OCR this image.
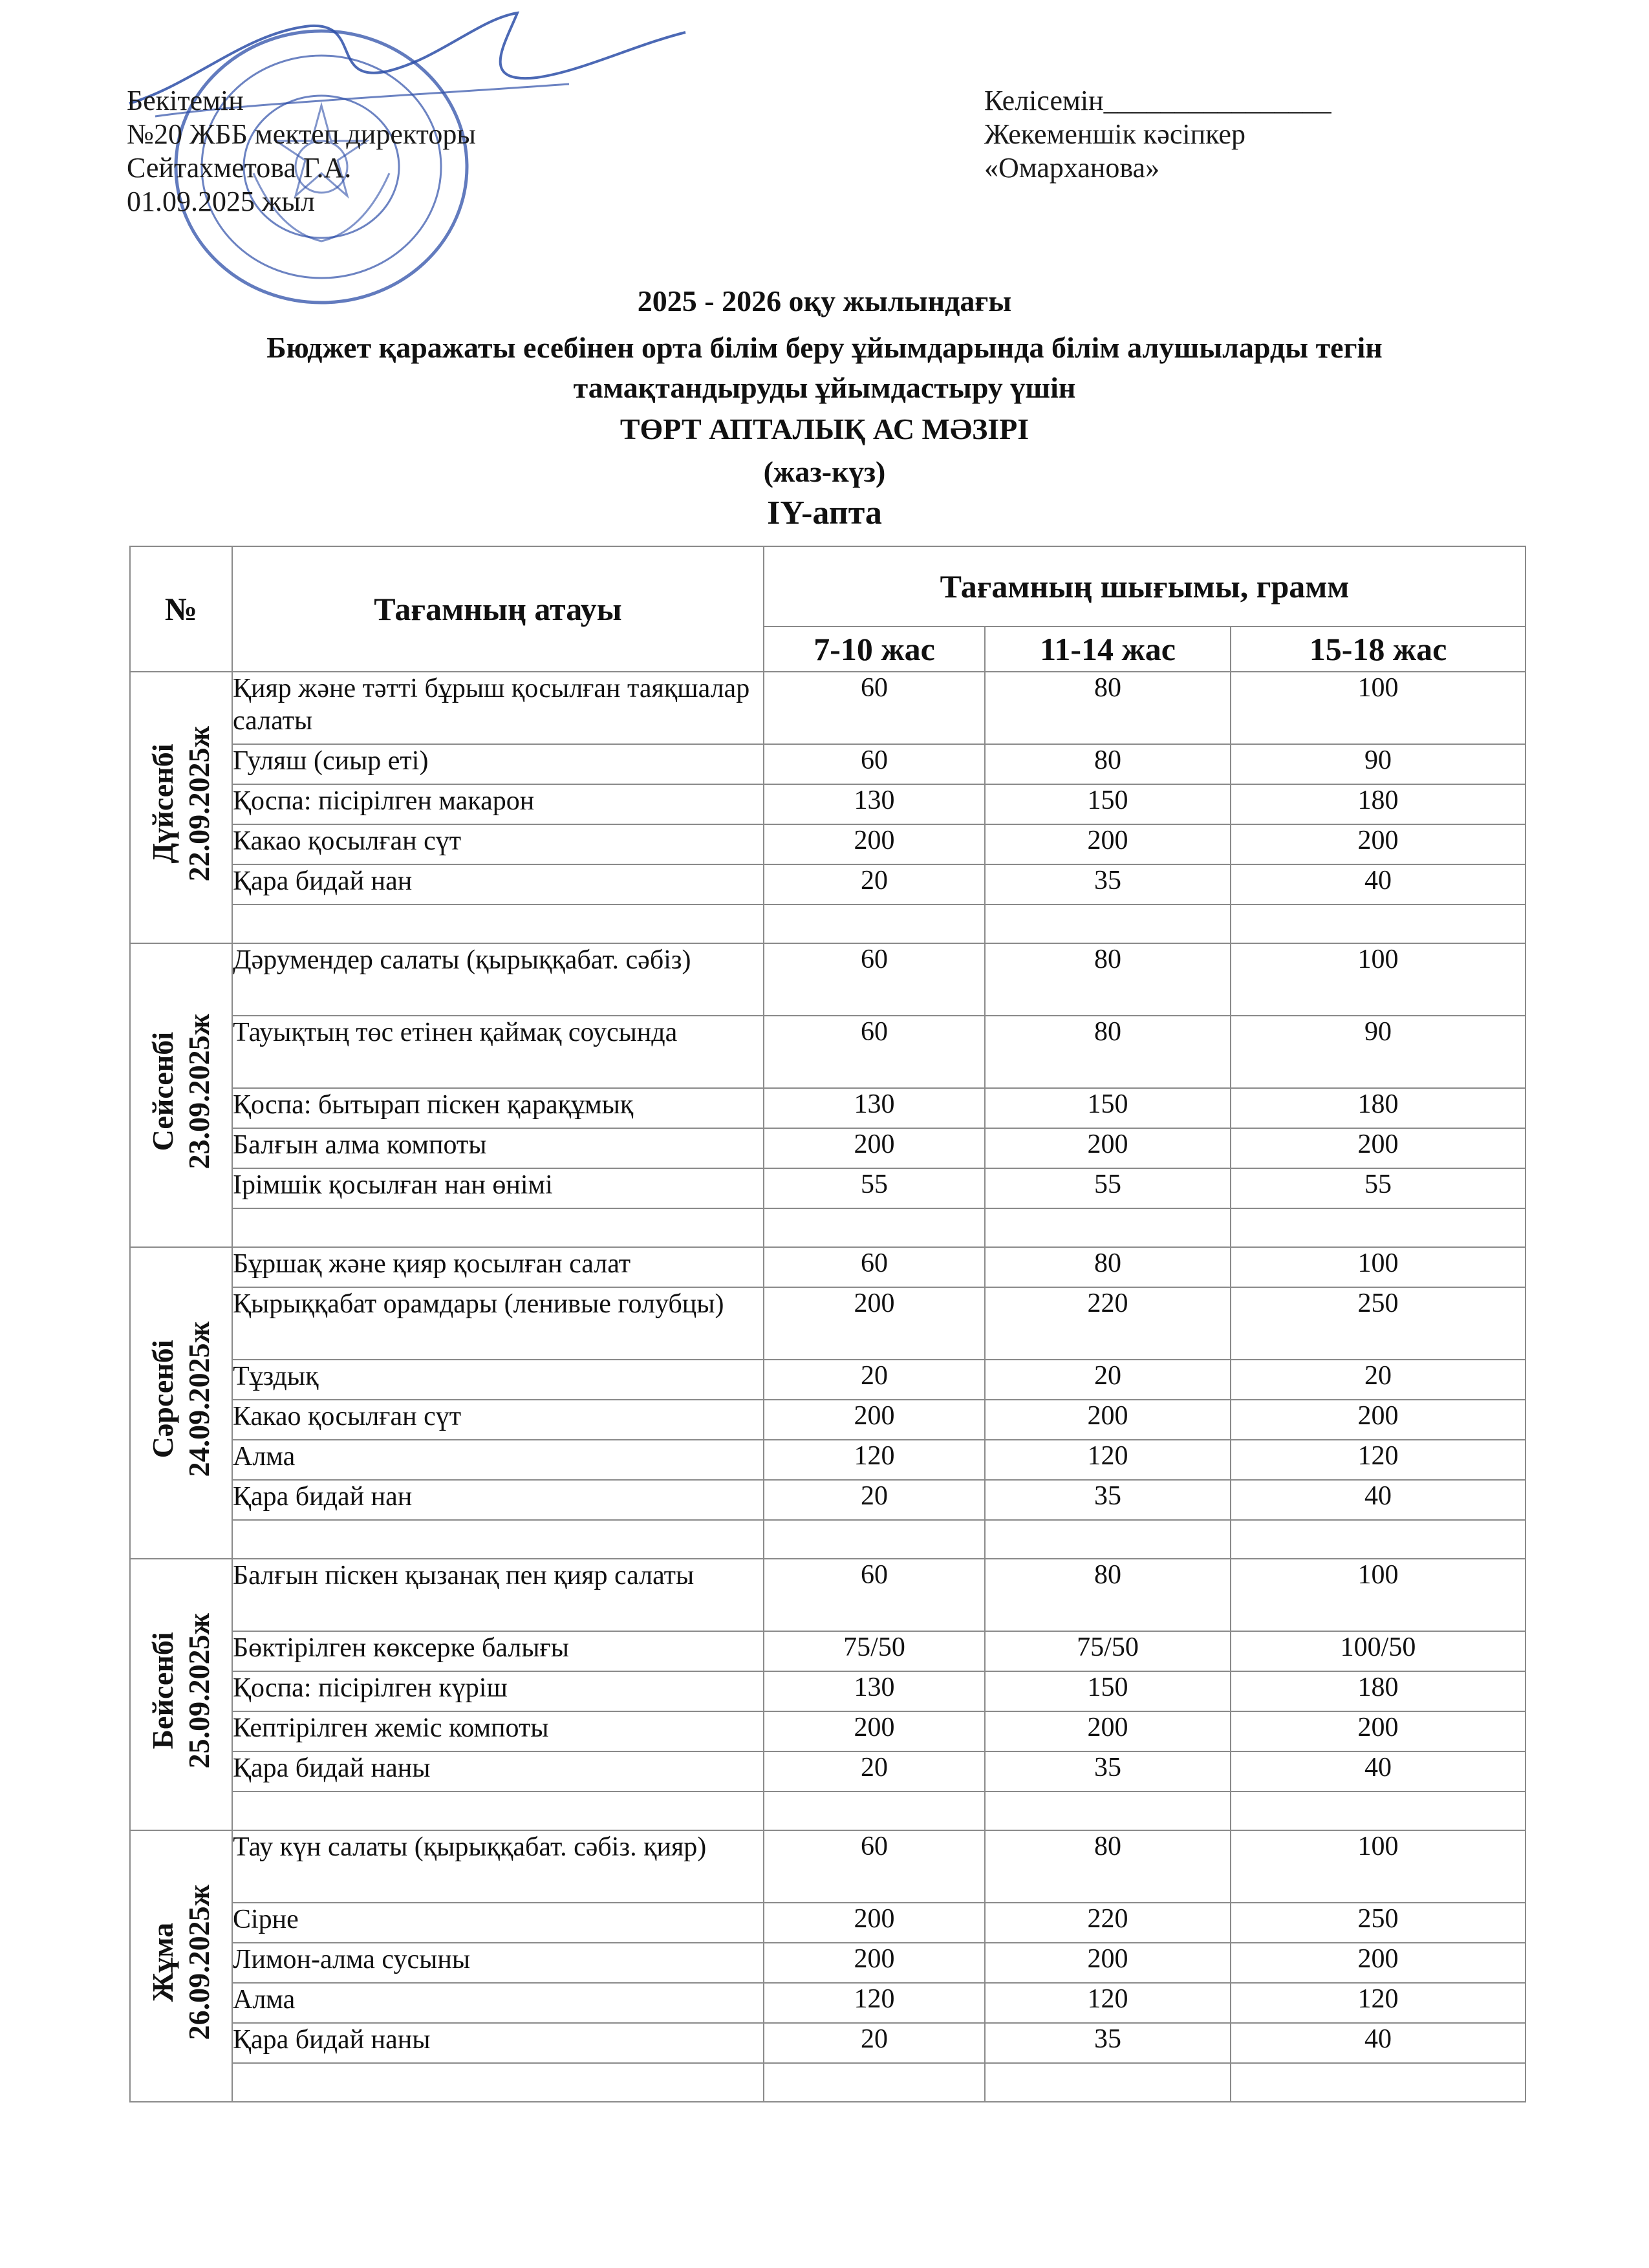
Бекітемін
№20 ЖББ мектеп директоры
Сейтахметова Г.А.
01.09.2025 жыл
Келісемін________________
Жекеменшік кәсіпкер
«Омарханова»
2025 - 2026 оқу жылындағы
Бюджет қаражаты есебінен орта білім беру ұйымдарында білім алушыларды тегін
тамақтандыруды ұйымдастыру үшін
ТӨРТ АПТАЛЫҚ АС МӘЗІРІ
(жаз-күз)
IY-апта
№	Тағамның атауы	Тағамның шығымы, грамм		
		7-10 жас	11-14 жас	15-18 жас

Дүйсенбі 22.09.2025ж	Қияр және тәтті бұрыш қосылған таяқшалар салаты	60	80	100
	Гуляш (сиыр еті)	60	80	90
	Қоспа: пісірілген макарон	130	150	180
	Какао қосылған сүт	200	200	200
	Қара бидай нан	20	35	40

Сейсенбі 23.09.2025ж	Дәрумендер салаты (қырыққабат. сәбіз)	60	80	100
	Тауықтың төс етінен қаймақ соусында	60	80	90
	Қоспа: бытырап піскен қарақұмық	130	150	180
	Балғын алма компоты	200	200	200
	Ірімшік қосылған нан өнімі	55	55	55

Сәрсенбі 24.09.2025ж	Бұршақ және қияр қосылған салат	60	80	100
	Қырыққабат орамдары (ленивые голубцы)	200	220	250
	Тұздық	20	20	20
	Какао қосылған сүт	200	200	200
	Алма	120	120	120
	Қара бидай нан	20	35	40

Бейсенбі 25.09.2025ж	Балғын піскен қызанақ пен қияр салаты	60	80	100
	Бөктірілген көксерке балығы	75/50	75/50	100/50
	Қоспа: пісірілген күріш	130	150	180
	Кептірілген жеміс компоты	200	200	200
	Қара бидай наны	20	35	40

Жұма 26.09.2025ж	Тау күн салаты (қырыққабат. сәбіз. қияр)	60	80	100
	Сірне	200	220	250
	Лимон-алма сусыны	200	200	200
	Алма	120	120	120
	Қара бидай наны	20	35	40
